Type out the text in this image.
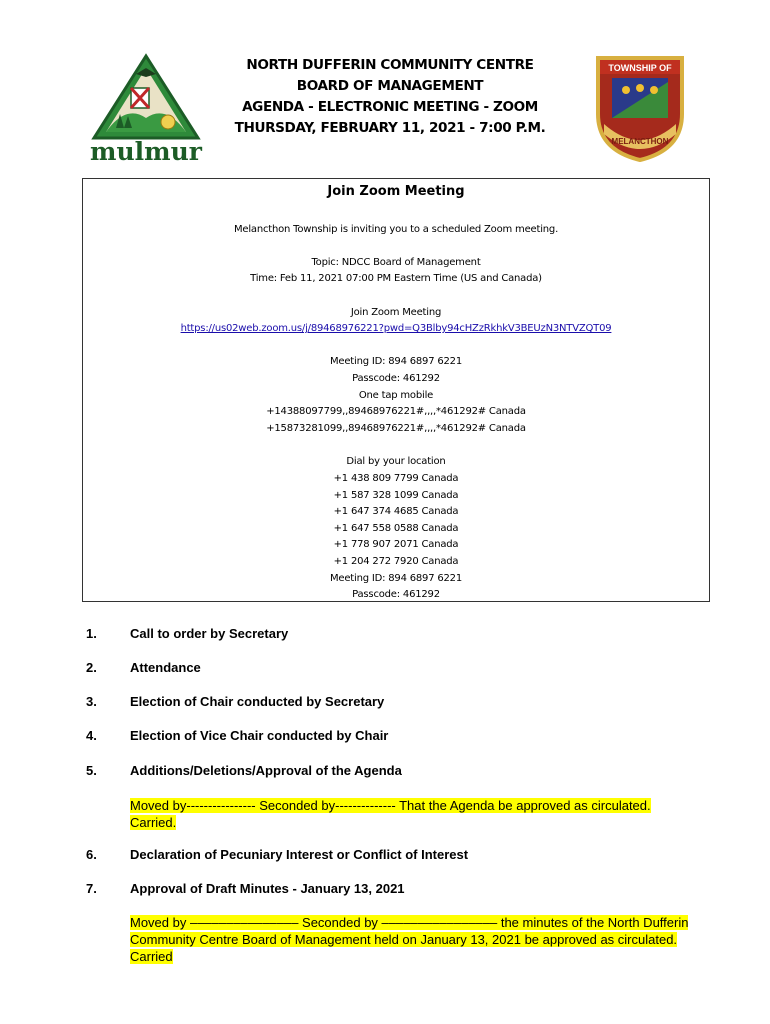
mulmur
NORTH DUFFERIN COMMUNITY CENTRE
BOARD OF MANAGEMENT
AGENDA - ELECTRONIC MEETING - ZOOM
THURSDAY, FEBRUARY 11, 2021 - 7:00 P.M.
TOWNSHIP OF
MELANCTHON
Join Zoom Meeting
Melancthon Township is inviting you to a scheduled Zoom meeting.
Topic: NDCC Board of Management
Time: Feb 11, 2021 07:00 PM Eastern Time (US and Canada)
Join Zoom Meeting
https://us02web.zoom.us/j/89468976221?pwd=Q3Blby94cHZzRkhkV3BEUzN3NTVZQT09
Meeting ID: 894 6897 6221
Passcode: 461292
One tap mobile
+14388097799,,89468976221#,,,,*461292# Canada
+15873281099,,89468976221#,,,,*461292# Canada
Dial by your location
+1 438 809 7799 Canada
+1 587 328 1099 Canada
+1 647 374 4685 Canada
+1 647 558 0588 Canada
+1 778 907 2071 Canada
+1 204 272 7920 Canada
Meeting ID: 894 6897 6221
Passcode: 461292
1.	Call to order by Secretary
2.	Attendance
3.	Election of Chair conducted by Secretary
4.	Election of Vice Chair conducted by Chair
5.	Additions/Deletions/Approval of the Agenda
Moved by---------------- Seconded by-------------- That the Agenda be approved as circulated.
Carried.
6.	Declaration of Pecuniary Interest or Conflict of Interest
7.	Approval of Draft Minutes - January 13, 2021
Moved by ––––––––––––––– Seconded by –––––––––––––––– the minutes of the North Dufferin
Community Centre Board of Management held on January 13, 2021 be approved as circulated.
Carried
